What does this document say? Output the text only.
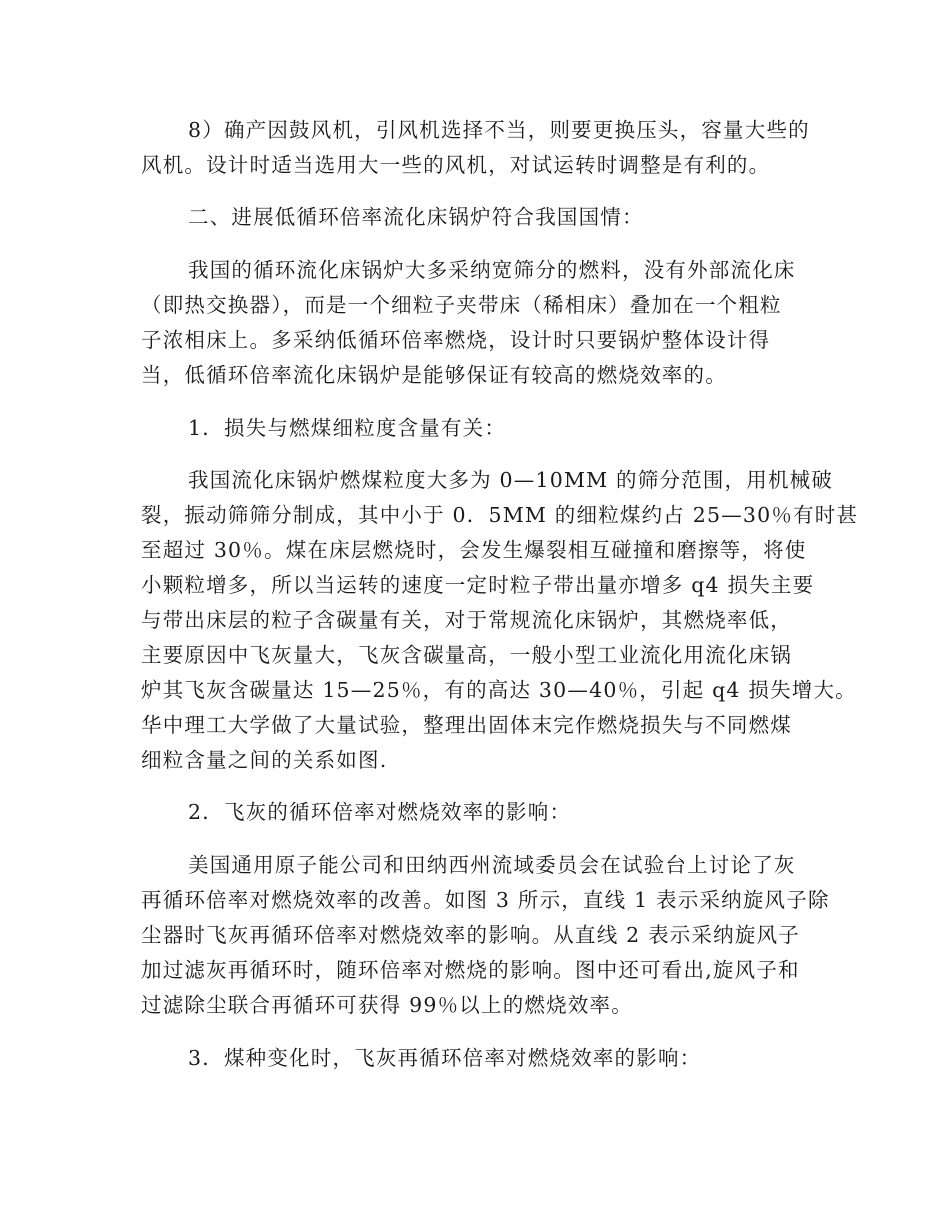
8）确产因鼓风机，引风机选择不当，则要更换压头，容量大些的
风机。设计时适当选用大一些的风机，对试运转时调整是有利的。
二、进展低循环倍率流化床锅炉符合我国国情：
我国的循环流化床锅炉大多采纳宽筛分的燃料，没有外部流化床
（即热交换器），而是一个细粒子夹带床（稀相床）叠加在一个粗粒
子浓相床上。多采纳低循环倍率燃烧，设计时只要锅炉整体设计得
当，低循环倍率流化床锅炉是能够保证有较高的燃烧效率的。
1．损失与燃煤细粒度含量有关：
我国流化床锅炉燃煤粒度大多为 0—10MM 的筛分范围，用机械破
裂，振动筛筛分制成，其中小于 0．5MM 的细粒煤约占 25—30％有时甚
至超过 30％。煤在床层燃烧时，会发生爆裂相互碰撞和磨擦等，将使
小颗粒增多，所以当运转的速度一定时粒子带出量亦增多 q4 损失主要
与带出床层的粒子含碳量有关，对于常规流化床锅炉，其燃烧率低，
主要原因中飞灰量大，飞灰含碳量高，一般小型工业流化用流化床锅
炉其飞灰含碳量达 15—25％，有的高达 30—40％，引起 q4 损失增大。
华中理工大学做了大量试验，整理出固体末完作燃烧损失与不同燃煤
细粒含量之间的关系如图.
2．飞灰的循环倍率对燃烧效率的影响：
美国通用原子能公司和田纳西州流域委员会在试验台上讨论了灰
再循环倍率对燃烧效率的改善。如图 3 所示，直线 1 表示采纳旋风子除
尘器时飞灰再循环倍率对燃烧效率的影响。从直线 2 表示采纳旋风子
加过滤灰再循环时，随环倍率对燃烧的影响。图中还可看出,旋风子和
过滤除尘联合再循环可获得 99％以上的燃烧效率。
3．煤种变化时，飞灰再循环倍率对燃烧效率的影响：
